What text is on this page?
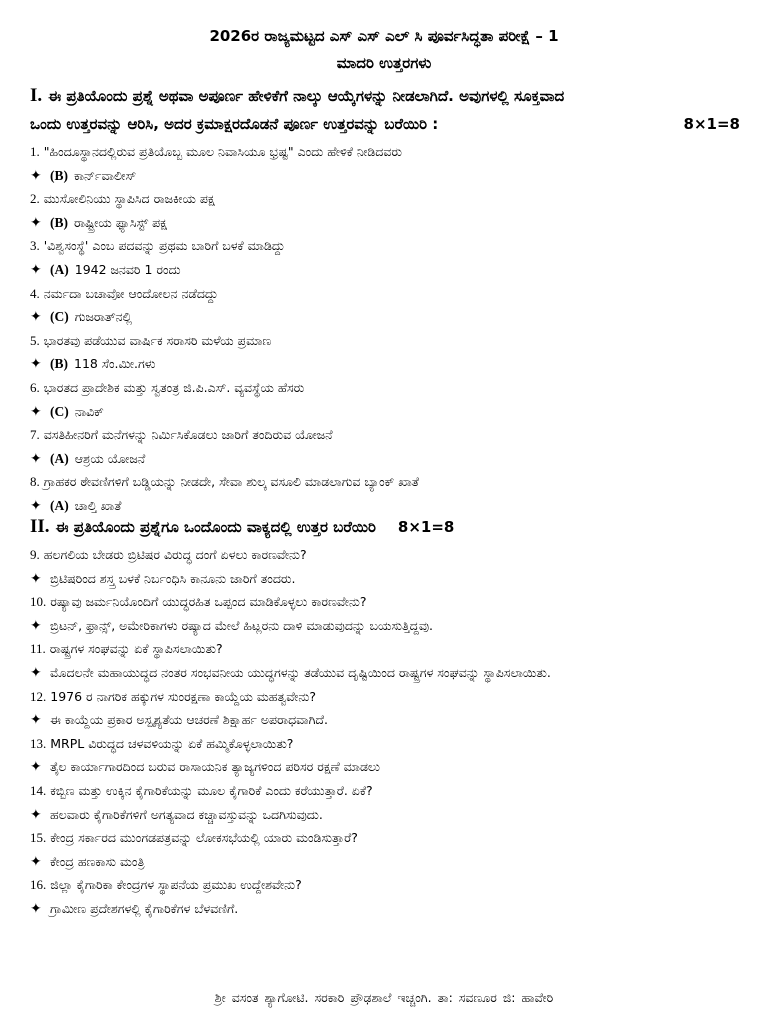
2026ರ ರಾಜ್ಯಮಟ್ಟದ ಎಸ್ ಎಸ್ ಎಲ್ ಸಿ ಪೂರ್ವಸಿದ್ಧತಾ ಪರೀಕ್ಷೆ – 1
ಮಾದರಿ ಉತ್ತರಗಳು
I. ಈ ಪ್ರತಿಯೊಂದು ಪ್ರಶ್ನೆ ಅಥವಾ ಅಪೂರ್ಣ ಹೇಳಿಕೆಗೆ ನಾಲ್ಕು ಆಯ್ಕೆಗಳನ್ನು ನೀಡಲಾಗಿದೆ. ಅವುಗಳಲ್ಲಿ ಸೂಕ್ತವಾದ
ಒಂದು ಉತ್ತರವನ್ನು ಆರಿಸಿ, ಅದರ ಕ್ರಮಾಕ್ಷರದೊಡನೆ ಪೂರ್ಣ ಉತ್ತರವನ್ನು ಬರೆಯಿರಿ :	8×1=8
1. "ಹಿಂದೂಸ್ಥಾನದಲ್ಲಿರುವ ಪ್ರತಿಯೊಬ್ಬ ಮೂಲ ನಿವಾಸಿಯೂ ಭ್ರಷ್ಟ" ಎಂದು ಹೇಳಿಕೆ ನೀಡಿದವರು
✦ (B) ಕಾರ್ನ್‌ವಾಲೀಸ್
2. ಮುಸೋಲಿನಿಯು ಸ್ಥಾಪಿಸಿದ ರಾಜಕೀಯ ಪಕ್ಷ
✦ (B) ರಾಷ್ಟ್ರೀಯ ಫ್ಯಾಸಿಸ್ಟ್ ಪಕ್ಷ
3. 'ವಿಶ್ವಸಂಸ್ಥೆ' ಎಂಬ ಪದವನ್ನು ಪ್ರಥಮ ಬಾರಿಗೆ ಬಳಕೆ ಮಾಡಿದ್ದು
✦ (A) 1942 ಜನವರಿ 1 ರಂದು
4. ನರ್ಮದಾ ಬಚಾವೋ ಆಂದೋಲನ ನಡೆದದ್ದು
✦ (C) ಗುಜರಾತ್‌ನಲ್ಲಿ
5. ಭಾರತವು ಪಡೆಯುವ ವಾರ್ಷಿಕ ಸರಾಸರಿ ಮಳೆಯ ಪ್ರಮಾಣ
✦ (B) 118 ಸೆಂ.ಮೀ.ಗಳು
6. ಭಾರತದ ಪ್ರಾದೇಶಿಕ ಮತ್ತು ಸ್ವತಂತ್ರ ಜಿ.ಪಿ.ಎಸ್. ವ್ಯವಸ್ಥೆಯ ಹೆಸರು
✦ (C) ನಾವಿಕ್
7. ವಸತಿಹೀನರಿಗೆ ಮನೆಗಳನ್ನು ನಿರ್ಮಿಸಿಕೊಡಲು ಜಾರಿಗೆ ತಂದಿರುವ ಯೋಜನೆ
✦ (A) ಆಶ್ರಯ ಯೋಜನೆ
8. ಗ್ರಾಹಕರ ಠೇವಣಿಗಳಿಗೆ ಬಡ್ಡಿಯನ್ನು ನೀಡದೇ, ಸೇವಾ ಶುಲ್ಕ ವಸೂಲಿ ಮಾಡಲಾಗುವ ಬ್ಯಾಂಕ್ ಖಾತೆ
✦ (A) ಚಾಲ್ತಿ ಖಾತೆ
II. ಈ ಪ್ರತಿಯೊಂದು ಪ್ರಶ್ನೆಗೂ ಒಂದೊಂದು ವಾಕ್ಯದಲ್ಲಿ ಉತ್ತರ ಬರೆಯಿರಿ 8×1=8
9. ಹಲಗಲಿಯ ಬೇಡರು ಬ್ರಿಟಿಷರ ವಿರುದ್ಧ ದಂಗೆ ಏಳಲು ಕಾರಣವೇನು?
✦ ಬ್ರಿಟಿಷರಿಂದ ಶಸ್ತ್ರ ಬಳಕೆ ನಿರ್ಬಂಧಿಸಿ ಕಾನೂನು ಜಾರಿಗೆ ತಂದರು.
10. ರಷ್ಯಾವು ಜರ್ಮನಿಯೊಂದಿಗೆ ಯುದ್ಧರಹಿತ ಒಪ್ಪಂದ ಮಾಡಿಕೊಳ್ಳಲು ಕಾರಣವೇನು?
✦ ಬ್ರಿಟನ್, ಫ್ರಾನ್ಸ್, ಅಮೇರಿಕಾಗಳು ರಷ್ಯಾದ ಮೇಲೆ ಹಿಟ್ಲರನು ದಾಳಿ ಮಾಡುವುದನ್ನು ಬಯಸುತ್ತಿದ್ದವು.
11. ರಾಷ್ಟ್ರಗಳ ಸಂಘವನ್ನು ಏಕೆ ಸ್ಥಾಪಿಸಲಾಯಿತು?
✦ ಮೊದಲನೇ ಮಹಾಯುದ್ಧದ ನಂತರ ಸಂಭವನೀಯ ಯುದ್ಧಗಳನ್ನು ತಡೆಯುವ ದೃಷ್ಟಿಯಿಂದ ರಾಷ್ಟ್ರಗಳ ಸಂಘವನ್ನು ಸ್ಥಾಪಿಸಲಾಯಿತು.
12. 1976 ರ ನಾಗರಿಕ ಹಕ್ಕುಗಳ ಸುಂರಕ್ಷಣಾ ಕಾಯ್ದೆಯ ಮಹತ್ವವೇನು?
✦ ಈ ಕಾಯ್ದೆಯ ಪ್ರಕಾರ ಅಸ್ಪೃಶ್ಯತೆಯ ಆಚರಣೆ ಶಿಕ್ಷಾರ್ಹ ಅಪರಾಧವಾಗಿದೆ.
13. MRPL ವಿರುದ್ಧದ ಚಳವಳಿಯನ್ನು ಏಕೆ ಹಮ್ಮಿಕೊಳ್ಳಲಾಯಿತು?
✦ ತೈಲ ಕಾರ್ಯಾಗಾರದಿಂದ ಬರುವ ರಾಸಾಯನಿಕ ತ್ಯಾಜ್ಯಗಳಿಂದ ಪರಿಸರ ರಕ್ಷಣೆ ಮಾಡಲು
14. ಕಬ್ಬಿಣ ಮತ್ತು ಉಕ್ಕಿನ ಕೈಗಾರಿಕೆಯನ್ನು ಮೂಲ ಕೈಗಾರಿಕೆ ಎಂದು ಕರೆಯುತ್ತಾರೆ. ಏಕೆ?
✦ ಹಲವಾರು ಕೈಗಾರಿಕೆಗಳಿಗೆ ಅಗತ್ಯವಾದ ಕಚ್ಚಾವಸ್ತುವನ್ನು ಒದಗಿಸುವುದು.
15. ಕೇಂದ್ರ ಸರ್ಕಾರದ ಮುಂಗಡಪತ್ರವನ್ನು ಲೋಕಸಭೆಯಲ್ಲಿ ಯಾರು ಮಂಡಿಸುತ್ತಾರೆ?
✦ ಕೇಂದ್ರ ಹಣಕಾಸು ಮಂತ್ರಿ
16. ಜಿಲ್ಲಾ ಕೈಗಾರಿಕಾ ಕೇಂದ್ರಗಳ ಸ್ಥಾಪನೆಯ ಪ್ರಮುಖ ಉದ್ದೇಶವೇನು?
✦ ಗ್ರಾಮೀಣ ಪ್ರದೇಶಗಳಲ್ಲಿ ಕೈಗಾರಿಕೆಗಳ ಬೆಳವಣಿಗೆ.
ಶ್ರೀ ವಸಂತ ಶ್ಯಾಗೋಟಿ. ಸರಕಾರಿ ಪ್ರೌಢಶಾಲೆ ಇಚ್ಚಂಗಿ. ತಾ: ಸವಣೂರ ಜಿ: ಹಾವೇರಿ
